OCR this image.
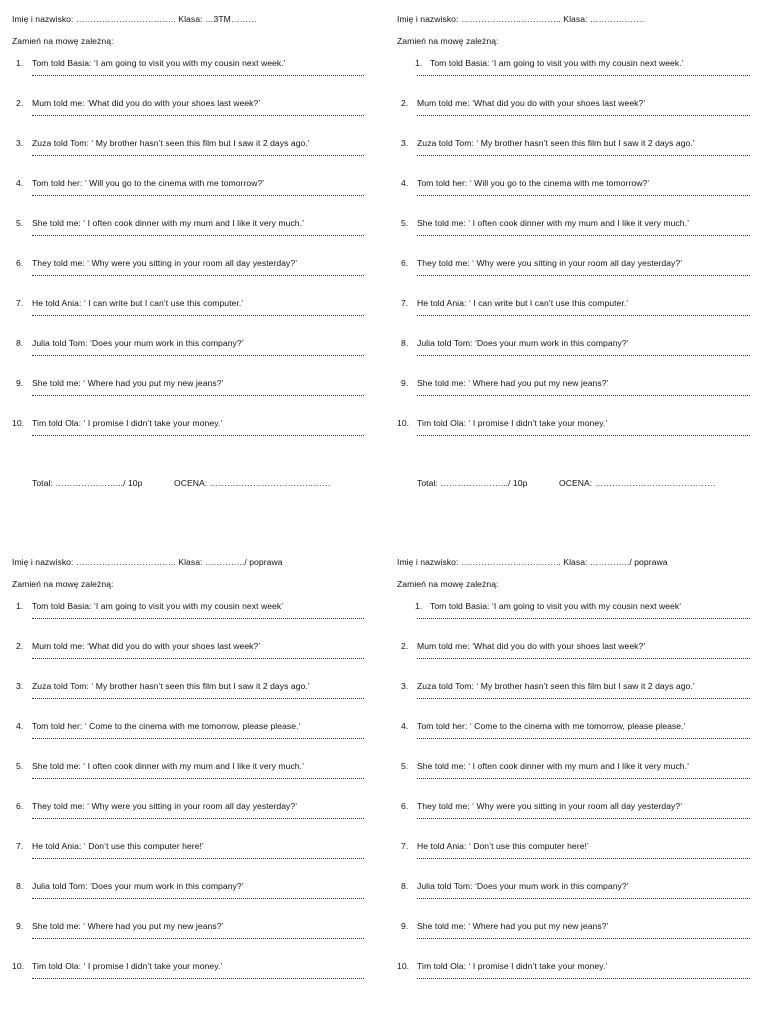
Imię i nazwisko: …………………………….. Klasa: …3TM………
Zamień na mowę zależną:
1. Tom told Basia: ‘I am going to visit you with my cousin next week.’
2. Mum told me: ‘What did you do with your shoes last week?’
3. Zuza told Tom: ‘ My brother hasn’t seen this film but I saw it 2 days ago.’
4. Tom told her: ‘ Will you go to the cinema with me tomorrow?’
5. She told me: ‘ I often cook dinner with my mum and I like it very much.’
6. They told me: ‘ Why were you sitting in your room all day yesterday?’
7. He told Ania: ‘ I can write but I can’t use this computer.’
8. Julia told Tom: ‘Does your mum work in this company?’
9. She told me: ‘ Where had you put my new jeans?’
10. Tim told Ola: ‘ I promise I didn’t take your money.’
Total: ………………….../ 10p	OCENA: ……………………………………
Imię i nazwisko: …………………………….. Klasa: ……………….
Zamień na mowę zależną:
1. Tom told Basia: ‘I am going to visit you with my cousin next week.’
2. Mum told me: ‘What did you do with your shoes last week?’
3. Zuza told Tom: ‘ My brother hasn’t seen this film but I saw it 2 days ago.’
4. Tom told her: ‘ Will you go to the cinema with me tomorrow?’
5. She told me: ‘ I often cook dinner with my mum and I like it very much.’
6. They told me: ‘ Why were you sitting in your room all day yesterday?’
7. He told Ania: ‘ I can write but I can’t use this computer.’
8. Julia told Tom: ‘Does your mum work in this company?’
9. She told me: ‘ Where had you put my new jeans?’
10. Tim told Ola: ‘ I promise I didn’t take your money.’
Total: ………………….../ 10p	OCENA: ……………………………………
Imię i nazwisko: …………………………….. Klasa: …………../ poprawa
Zamień na mowę zależną:
1. Tom told Basia: ‘I am going to visit you with my cousin next week’
2. Mum told me: ‘What did you do with your shoes last week?’
3. Zuza told Tom: ‘ My brother hasn’t seen this film but I saw it 2 days ago.’
4. Tom told her: ‘ Come to the cinema with me tomorrow, please please.’
5. She told me: ‘ I often cook dinner with my mum and I like it very much.’
6. They told me: ‘ Why were you sitting in your room all day yesterday?’
7. He told Ania: ‘ Don’t use this computer here!’
8. Julia told Tom: ‘Does your mum work in this company?’
9. She told me: ‘ Where had you put my new jeans?’
10. Tim told Ola: ‘ I promise I didn’t take your money.’
Imię i nazwisko: …………………………….. Klasa: …………../ poprawa
Zamień na mowę zależną:
1. Tom told Basia: ‘I am going to visit you with my cousin next week’
2. Mum told me: ‘What did you do with your shoes last week?’
3. Zuza told Tom: ‘ My brother hasn’t seen this film but I saw it 2 days ago.’
4. Tom told her: ‘ Come to the cinema with me tomorrow, please please.’
5. She told me: ‘ I often cook dinner with my mum and I like it very much.’
6. They told me: ‘ Why were you sitting in your room all day yesterday?’
7. He told Ania: ‘ Don’t use this computer here!’
8. Julia told Tom: ‘Does your mum work in this company?’
9. She told me: ‘ Where had you put my new jeans?’
10. Tim told Ola: ‘ I promise I didn’t take your money.’
